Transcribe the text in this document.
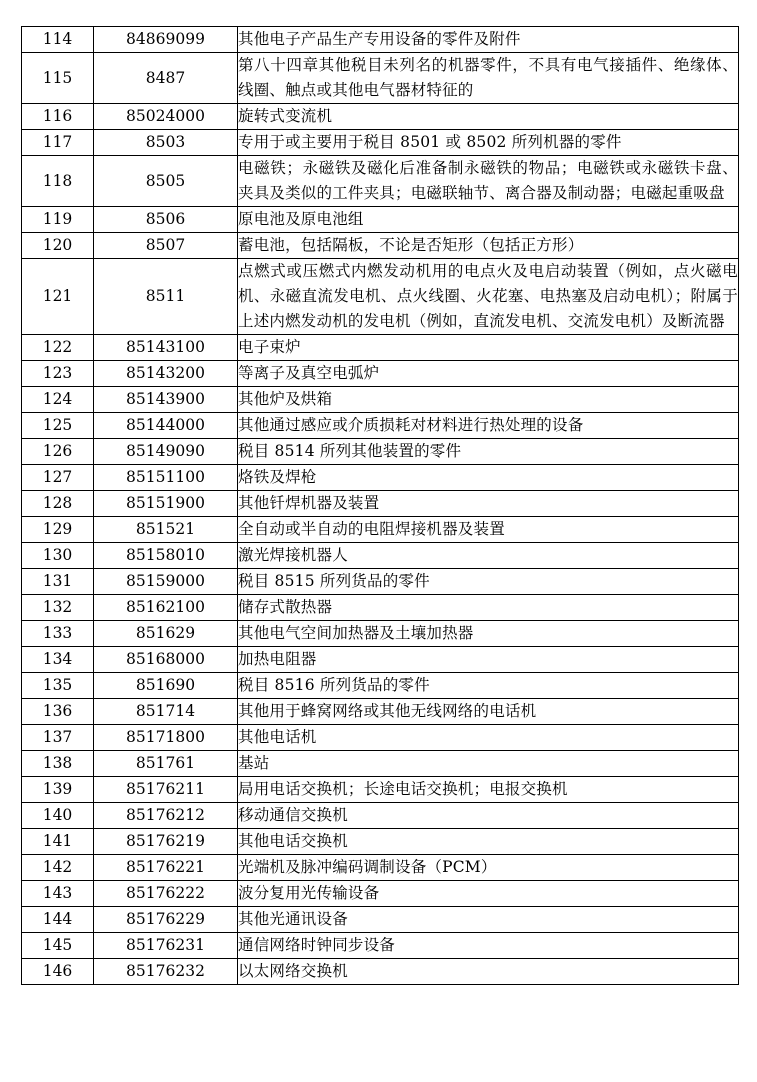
114	84869099	其他电子产品生产专用设备的零件及附件
115	8487	第八十四章其他税目未列名的机器零件，不具有电气接插件、绝缘体、线圈、触点或其他电气器材特征的
116	85024000	旋转式变流机
117	8503	专用于或主要用于税目 8501 或 8502 所列机器的零件
118	8505	电磁铁；永磁铁及磁化后准备制永磁铁的物品；电磁铁或永磁铁卡盘、夹具及类似的工件夹具；电磁联轴节、离合器及制动器；电磁起重吸盘
119	8506	原电池及原电池组
120	8507	蓄电池，包括隔板，不论是否矩形（包括正方形）
121	8511	点燃式或压燃式内燃发动机用的电点火及电启动装置（例如，点火磁电机、永磁直流发电机、点火线圈、火花塞、电热塞及启动电机）；附属于上述内燃发动机的发电机（例如，直流发电机、交流发电机）及断流器
122	85143100	电子束炉
123	85143200	等离子及真空电弧炉
124	85143900	其他炉及烘箱
125	85144000	其他通过感应或介质损耗对材料进行热处理的设备
126	85149090	税目 8514 所列其他装置的零件
127	85151100	烙铁及焊枪
128	85151900	其他钎焊机器及装置
129	851521	全自动或半自动的电阻焊接机器及装置
130	85158010	激光焊接机器人
131	85159000	税目 8515 所列货品的零件
132	85162100	储存式散热器
133	851629	其他电气空间加热器及土壤加热器
134	85168000	加热电阻器
135	851690	税目 8516 所列货品的零件
136	851714	其他用于蜂窝网络或其他无线网络的电话机
137	85171800	其他电话机
138	851761	基站
139	85176211	局用电话交换机；长途电话交换机；电报交换机
140	85176212	移动通信交换机
141	85176219	其他电话交换机
142	85176221	光端机及脉冲编码调制设备（PCM）
143	85176222	波分复用光传输设备
144	85176229	其他光通讯设备
145	85176231	通信网络时钟同步设备
146	85176232	以太网络交换机
